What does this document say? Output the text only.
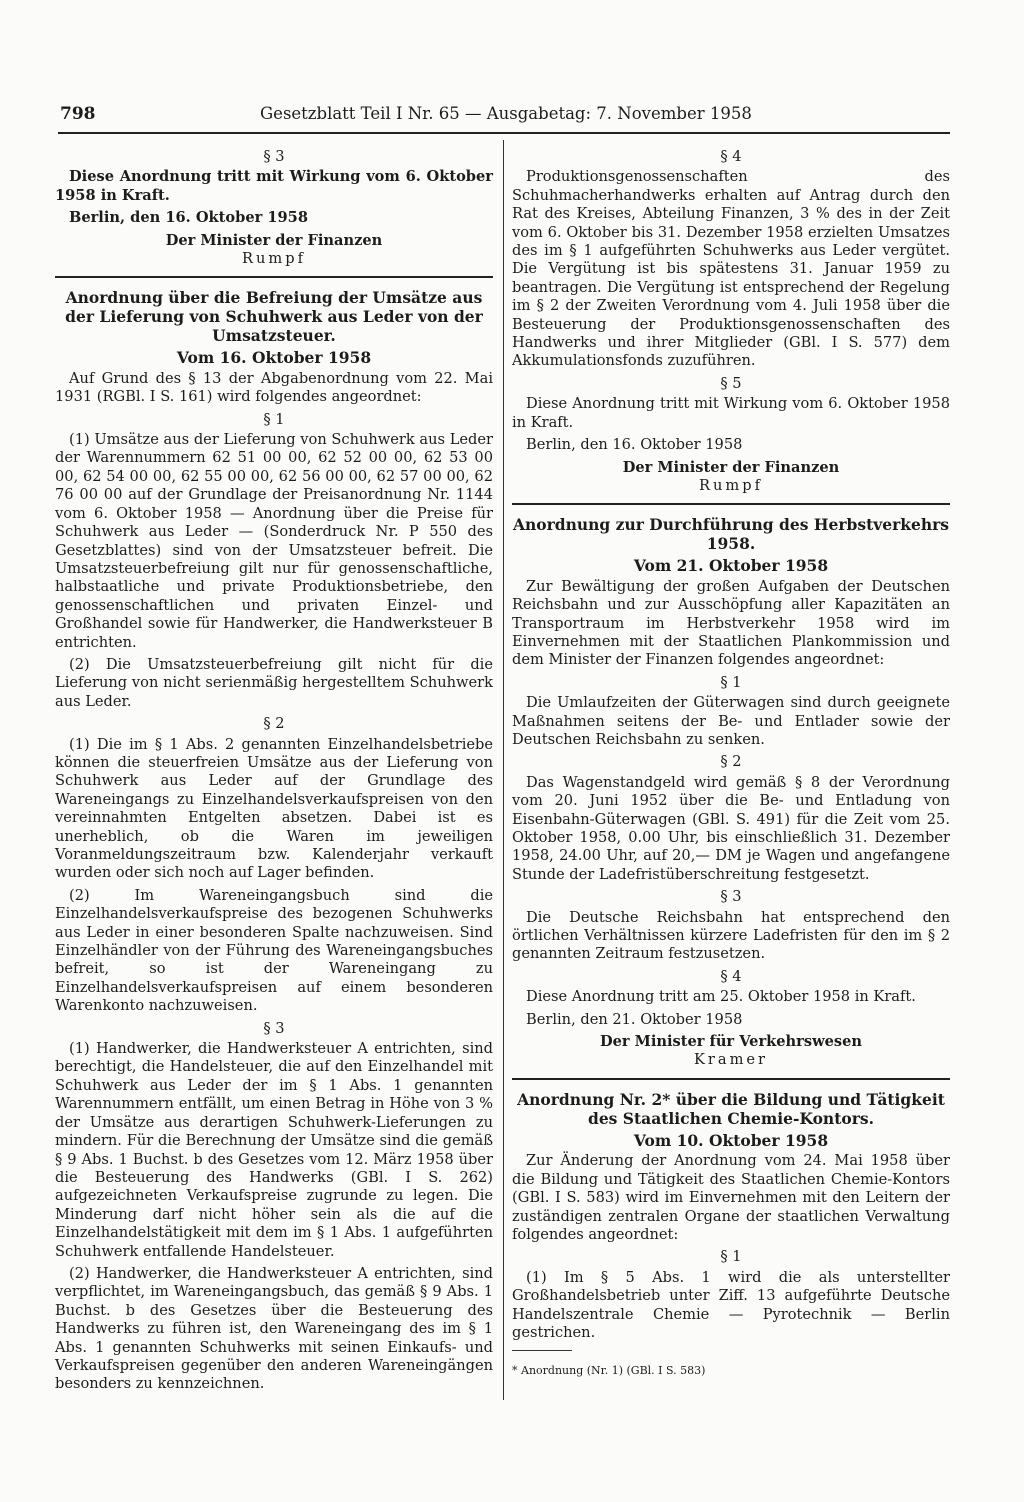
798	Gesetzblatt Teil I Nr. 65 — Ausgabetag: 7. November 1958

§ 3

Diese Anordnung tritt mit Wirkung vom 6. Oktober 1958 in Kraft.

Berlin, den 16. Oktober 1958

Der Minister der Finanzen

Rumpf

Anordnung über die Befreiung der Umsätze aus der Lieferung von Schuhwerk aus Leder von der Umsatzsteuer.

Vom 16. Oktober 1958

Auf Grund des § 13 der Abgabenordnung vom 22. Mai 1931 (RGBl. I S. 161) wird folgendes angeordnet:

§ 1

(1) Umsätze aus der Lieferung von Schuhwerk aus Leder der Warennummern 62 51 00 00, 62 52 00 00, 62 53 00 00, 62 54 00 00, 62 55 00 00, 62 56 00 00, 62 57 00 00, 62 76 00 00 auf der Grundlage der Preisanordnung Nr. 1144 vom 6. Oktober 1958 — Anordnung über die Preise für Schuhwerk aus Leder — (Sonderdruck Nr. P 550 des Gesetzblattes) sind von der Umsatzsteuer befreit. Die Umsatzsteuerbefreiung gilt nur für genossenschaftliche, halbstaatliche und private Produktionsbetriebe, den genossenschaftlichen und privaten Einzel- und Großhandel sowie für Handwerker, die Handwerksteuer B entrichten.

(2) Die Umsatzsteuerbefreiung gilt nicht für die Lieferung von nicht serienmäßig hergestelltem Schuhwerk aus Leder.

§ 2

(1) Die im § 1 Abs. 2 genannten Einzelhandelsbetriebe können die steuerfreien Umsätze aus der Lieferung von Schuhwerk aus Leder auf der Grundlage des Wareneingangs zu Einzelhandelsverkaufspreisen von den vereinnahmten Entgelten absetzen. Dabei ist es unerheblich, ob die Waren im jeweiligen Voranmeldungszeitraum bzw. Kalenderjahr verkauft wurden oder sich noch auf Lager befinden.

(2) Im Wareneingangsbuch sind die Einzelhandelsverkaufspreise des bezogenen Schuhwerks aus Leder in einer besonderen Spalte nachzuweisen. Sind Einzelhändler von der Führung des Wareneingangsbuches befreit, so ist der Wareneingang zu Einzelhandelsverkaufspreisen auf einem besonderen Warenkonto nachzuweisen.

§ 3

(1) Handwerker, die Handwerksteuer A entrichten, sind berechtigt, die Handelsteuer, die auf den Einzelhandel mit Schuhwerk aus Leder der im § 1 Abs. 1 genannten Warennummern entfällt, um einen Betrag in Höhe von 3 % der Umsätze aus derartigen Schuhwerk-Lieferungen zu mindern. Für die Berechnung der Umsätze sind die gemäß § 9 Abs. 1 Buchst. b des Gesetzes vom 12. März 1958 über die Besteuerung des Handwerks (GBl. I S. 262) aufgezeichneten Verkaufspreise zugrunde zu legen. Die Minderung darf nicht höher sein als die auf die Einzelhandelstätigkeit mit dem im § 1 Abs. 1 aufgeführten Schuhwerk entfallende Handelsteuer.

(2) Handwerker, die Handwerksteuer A entrichten, sind verpflichtet, im Wareneingangsbuch, das gemäß § 9 Abs. 1 Buchst. b des Gesetzes über die Besteuerung des Handwerks zu führen ist, den Wareneingang des im § 1 Abs. 1 genannten Schuhwerks mit seinen Einkaufs- und Verkaufspreisen gegenüber den anderen Wareneingängen besonders zu kennzeichnen.

§ 4

Produktionsgenossenschaften des Schuhmacherhandwerks erhalten auf Antrag durch den Rat des Kreises, Abteilung Finanzen, 3 % des in der Zeit vom 6. Oktober bis 31. Dezember 1958 erzielten Umsatzes des im § 1 aufgeführten Schuhwerks aus Leder vergütet. Die Vergütung ist bis spätestens 31. Januar 1959 zu beantragen. Die Vergütung ist entsprechend der Regelung im § 2 der Zweiten Verordnung vom 4. Juli 1958 über die Besteuerung der Produktionsgenossenschaften des Handwerks und ihrer Mitglieder (GBl. I S. 577) dem Akkumulationsfonds zuzuführen.

§ 5

Diese Anordnung tritt mit Wirkung vom 6. Oktober 1958 in Kraft.

Berlin, den 16. Oktober 1958

Der Minister der Finanzen

Rumpf

Anordnung zur Durchführung des Herbstverkehrs 1958.

Vom 21. Oktober 1958

Zur Bewältigung der großen Aufgaben der Deutschen Reichsbahn und zur Ausschöpfung aller Kapazitäten an Transportraum im Herbstverkehr 1958 wird im Einvernehmen mit der Staatlichen Plankommission und dem Minister der Finanzen folgendes angeordnet:

§ 1

Die Umlaufzeiten der Güterwagen sind durch geeignete Maßnahmen seitens der Be- und Entlader sowie der Deutschen Reichsbahn zu senken.

§ 2

Das Wagenstandgeld wird gemäß § 8 der Verordnung vom 20. Juni 1952 über die Be- und Entladung von Eisenbahn-Güterwagen (GBl. S. 491) für die Zeit vom 25. Oktober 1958, 0.00 Uhr, bis einschließlich 31. Dezember 1958, 24.00 Uhr, auf 20,— DM je Wagen und angefangene Stunde der Ladefristüberschreitung festgesetzt.

§ 3

Die Deutsche Reichsbahn hat entsprechend den örtlichen Verhältnissen kürzere Ladefristen für den im § 2 genannten Zeitraum festzusetzen.

§ 4

Diese Anordnung tritt am 25. Oktober 1958 in Kraft.

Berlin, den 21. Oktober 1958

Der Minister für Verkehrswesen

Kramer

Anordnung Nr. 2* über die Bildung und Tätigkeit des Staatlichen Chemie-Kontors.

Vom 10. Oktober 1958

Zur Änderung der Anordnung vom 24. Mai 1958 über die Bildung und Tätigkeit des Staatlichen Chemie-Kontors (GBl. I S. 583) wird im Einvernehmen mit den Leitern der zuständigen zentralen Organe der staatlichen Verwaltung folgendes angeordnet:

§ 1

(1) Im § 5 Abs. 1 wird die als unterstellter Großhandelsbetrieb unter Ziff. 13 aufgeführte Deutsche Handelszentrale Chemie — Pyrotechnik — Berlin gestrichen.

* Anordnung (Nr. 1) (GBl. I S. 583)
